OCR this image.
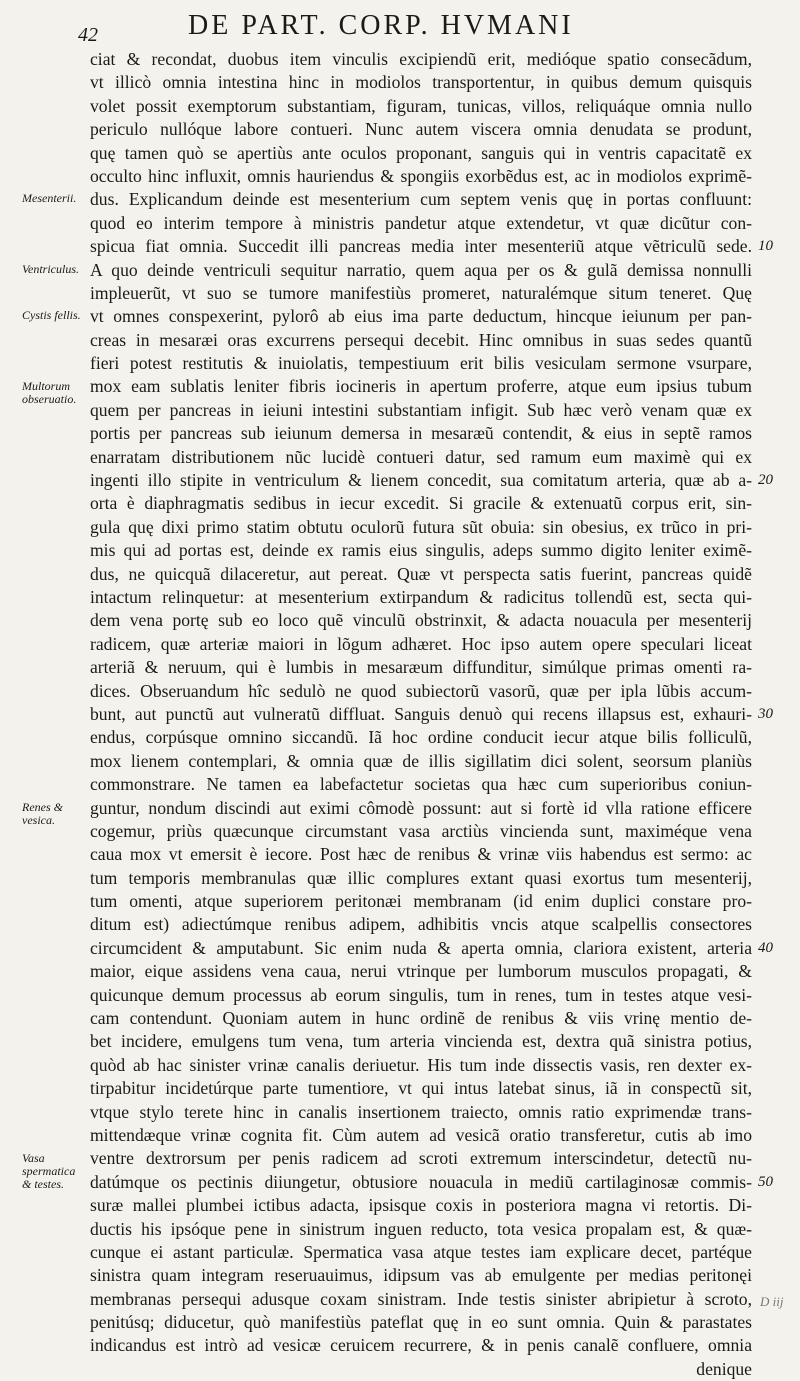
42	DE PART. CORP. HVMANI
Mesenterii.
Ventriculus.
Cystis fellis.
Multorum obseruatio.
Renes & vesica.
Vasa spermatica & testes.
ciat & recondat, duobus item vinculis excipiendũ erit, medióque spatio consecãdum,
vt illicò omnia intestina hinc in modiolos transportentur, in quibus demum quisquis
volet possit exemptorum substantiam, figuram, tunicas, villos, reliquáque omnia nullo
periculo nullóque labore contueri. Nunc autem viscera omnia denudata se produnt,
quę tamen quò se apertiùs ante oculos proponant, sanguis qui in ventris capacitatẽ ex
occulto hinc influxit, omnis hauriendus & spongiis exorbẽdus est, ac in modiolos exprimẽ-
dus. Explicandum deinde est mesenterium cum septem venis quę in portas confluunt:
quod eo interim tempore à ministris pandetur atque extendetur, vt quæ dicũtur con-
spicua fiat omnia. Succedit illi pancreas media inter mesenteriũ atque vẽtriculũ sede.
A quo deinde ventriculi sequitur narratio, quem aqua per os & gulã demissa nonnulli
impleuerũt, vt suo se tumore manifestiùs promeret, naturalémque situm teneret. Quę
vt omnes conspexerint, pylorô ab eius ima parte deductum, hincque ieiunum per pan-
creas in mesaræi oras excurrens persequi decebit. Hinc omnibus in suas sedes quantũ
fieri potest restitutis & inuiolatis, tempestiuum erit bilis vesiculam sermone vsurpare,
mox eam sublatis leniter fibris iocineris in apertum proferre, atque eum ipsius tubum
quem per pancreas in ieiuni intestini substantiam infigit. Sub hæc verò venam quæ ex
portis per pancreas sub ieiunum demersa in mesaræũ contendit, & eius in septẽ ramos
enarratam distributionem nũc lucidè contueri datur, sed ramum eum maximè qui ex
ingenti illo stipite in ventriculum & lienem concedit, sua comitatum arteria, quæ ab a-
orta è diaphragmatis sedibus in iecur excedit. Si gracile & extenuatũ corpus erit, sin-
gula quę dixi primo statim obtutu oculorũ futura sũt obuia: sin obesius, ex trũco in pri-
mis qui ad portas est, deinde ex ramis eius singulis, adeps summo digito leniter eximẽ-
dus, ne quicquã dilaceretur, aut pereat. Quæ vt perspecta satis fuerint, pancreas quidẽ
intactum relinquetur: at mesenterium extirpandum & radicitus tollendũ est, secta qui-
dem vena portę sub eo loco quẽ vinculũ obstrinxit, & adacta nouacula per mesenterij
radicem, quæ arteriæ maiori in lõgum adhæret. Hoc ipso autem opere speculari liceat
arteriã & neruum, qui è lumbis in mesaræum diffunditur, simúlque primas omenti ra-
dices. Obseruandum hîc sedulò ne quod subiectorũ vasorũ, quæ per ipla lũbis accum-
bunt, aut punctũ aut vulneratũ diffluat. Sanguis denuò qui recens illapsus est, exhauri-
endus, corpúsque omnino siccandũ. Iã hoc ordine conducit iecur atque bilis folliculũ,
mox lienem contemplari, & omnia quæ de illis sigillatim dici solent, seorsum planiùs
commonstrare. Ne tamen ea labefactetur societas qua hæc cum superioribus coniun-
guntur, nondum discindi aut eximi cômodè possunt: aut si fortè id vlla ratione efficere
cogemur, priùs quæcunque circumstant vasa arctiùs vincienda sunt, maximéque vena
caua mox vt emersit è iecore. Post hæc de renibus & vrinæ viis habendus est sermo: ac
tum temporis membranulas quæ illic complures extant quasi exortus tum mesenterij,
tum omenti, atque superiorem peritonæi membranam (id enim duplici constare pro-
ditum est) adiectúmque renibus adipem, adhibitis vncis atque scalpellis consectores
circumcident & amputabunt. Sic enim nuda & aperta omnia, clariora existent, arteria
maior, eique assidens vena caua, nerui vtrinque per lumborum musculos propagati, &
quicunque demum processus ab eorum singulis, tum in renes, tum in testes atque vesi-
cam contendunt. Quoniam autem in hunc ordinẽ de renibus & viis vrinę mentio de-
bet incidere, emulgens tum vena, tum arteria vincienda est, dextra quã sinistra potius,
quòd ab hac sinister vrinæ canalis deriuetur. His tum inde dissectis vasis, ren dexter ex-
tirpabitur incidetúrque parte tumentiore, vt qui intus latebat sinus, iã in conspectũ sit,
vtque stylo terete hinc in canalis insertionem traiecto, omnis ratio exprimendæ trans-
mittendæque vrinæ cognita fit. Cùm autem ad vesicã oratio transferetur, cutis ab imo
ventre dextrorsum per penis radicem ad scroti extremum interscindetur, detectũ nu-
datúmque os pectinis diiungetur, obtusiore nouacula in mediũ cartilaginosæ commis-
suræ mallei plumbei ictibus adacta, ipsisque coxis in posteriora magna vi retortis. Di-
ductis his ipsóque pene in sinistrum inguen reducto, tota vesica propalam est, & quæ-
cunque ei astant particulæ. Spermatica vasa atque testes iam explicare decet, partéque
sinistra quam integram reseruauimus, idipsum vas ab emulgente per medias peritonęi
membranas persequi adusque coxam sinistram. Inde testis sinister abripietur à scroto,
penitúsq; diducetur, quò manifestiùs pateflat quę in eo sunt omnia. Quin & parastates
indicandus est intrò ad vesicæ ceruicem recurrere, & in penis canalẽ confluere, omnia
denique
10
20
30
40
50
D iij
